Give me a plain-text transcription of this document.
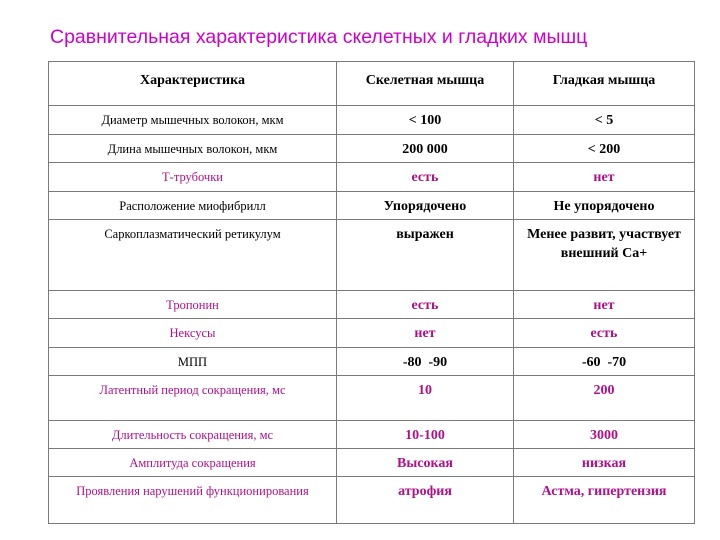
Сравнительная характеристика скелетных и гладких мышц
Характеристика	Скелетная мышца	Гладкая мышца
Диаметр мышечных волокон, мкм	< 100	< 5
Длина мышечных волокон, мкм	200 000	< 200
Т-трубочки	есть	нет
Расположение миофибрилл	Упорядочено	Не упорядочено
Саркоплазматический ретикулум	выражен	Менее развит, участвует внешний Са+
Тропонин	есть	нет
Нексусы	нет	есть
МПП	-80  -90	-60  -70
Латентный период сокращения, мс	10	200
Длительность сокращения, мс	10-100	3000
Амплитуда сокращения	Высокая	низкая
Проявления нарушений функционирования	атрофия	Астма, гипертензия
